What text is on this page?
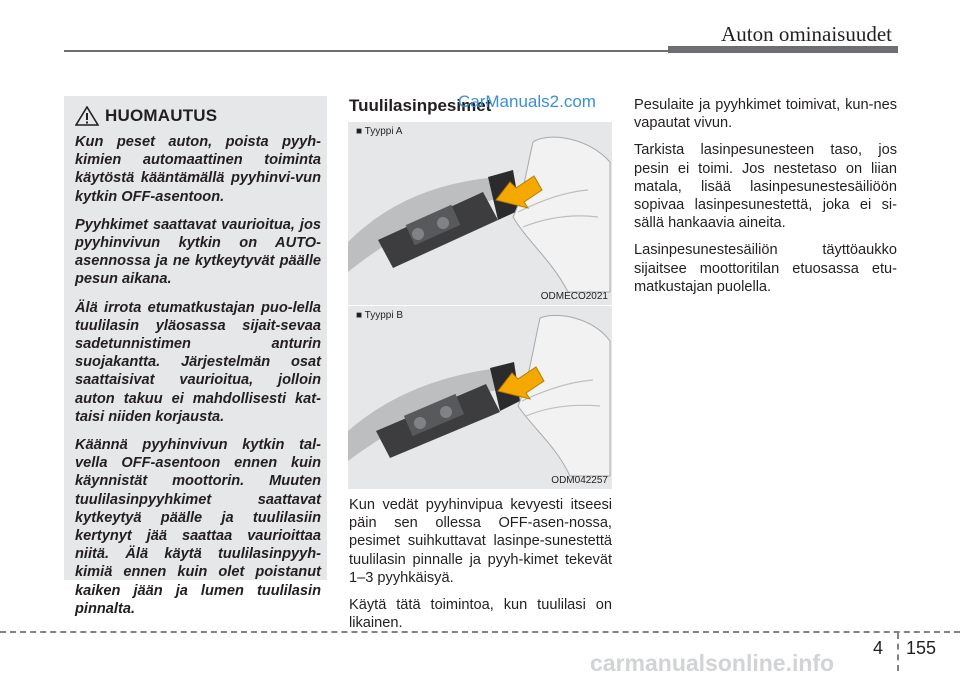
Auton ominaisuudet
HUOMAUTUS

Kun peset auton, poista pyyh-kimien automaattinen toiminta käytöstä kääntämällä pyyhinvi-vun kytkin OFF-asentoon.

Pyyhkimet saattavat vaurioitua, jos pyyhinvivun kytkin on AUTO-asennossa ja ne kytkeytyvät päälle pesun aikana.

Älä irrota etumatkustajan puo-lella tuulilasin yläosassa sijait-sevaa sadetunnistimen anturin suojakantta. Järjestelmän osat saattaisivat vaurioitua, jolloin auton takuu ei mahdollisesti kat-taisi niiden korjausta.

Käännä pyyhinvivun kytkin tal-vella OFF-asentoon ennen kuin käynnistät moottorin. Muuten tuulilasinpyyhkimet saattavat kytkeytyä päälle ja tuulilasiin kertynyt jää saattaa vaurioittaa niitä. Älä käytä tuulilasinpyyh-kimiä ennen kuin olet poistanut kaiken jään ja lumen tuulilasin pinnalta.

Tuulilasinpesimet
CarManuals2.com
■ Tyyppi A
ODMECO2021
■ Tyyppi B
ODM042257

Kun vedät pyyhinvipua kevyesti itseesi päin sen ollessa OFF-asen-nossa, pesimet suihkuttavat lasinpe-sunestettä tuulilasin pinnalle ja pyyh-kimet tekevät 1–3 pyyhkäisyä.

Käytä tätä toimintoa, kun tuulilasi on likainen.

Pesulaite ja pyyhkimet toimivat, kun-nes vapautat vivun.

Tarkista lasinpesunesteen taso, jos pesin ei toimi. Jos nestetaso on liian matala, lisää lasinpesunestesäiliöön sopivaa lasinpesunestettä, joka ei si-sällä hankaavia aineita.

Lasinpesunestesäiliön täyttöaukko sijaitsee moottoritilan etuosassa etu-matkustajan puolella.

4 155
carmanualsonline.info
